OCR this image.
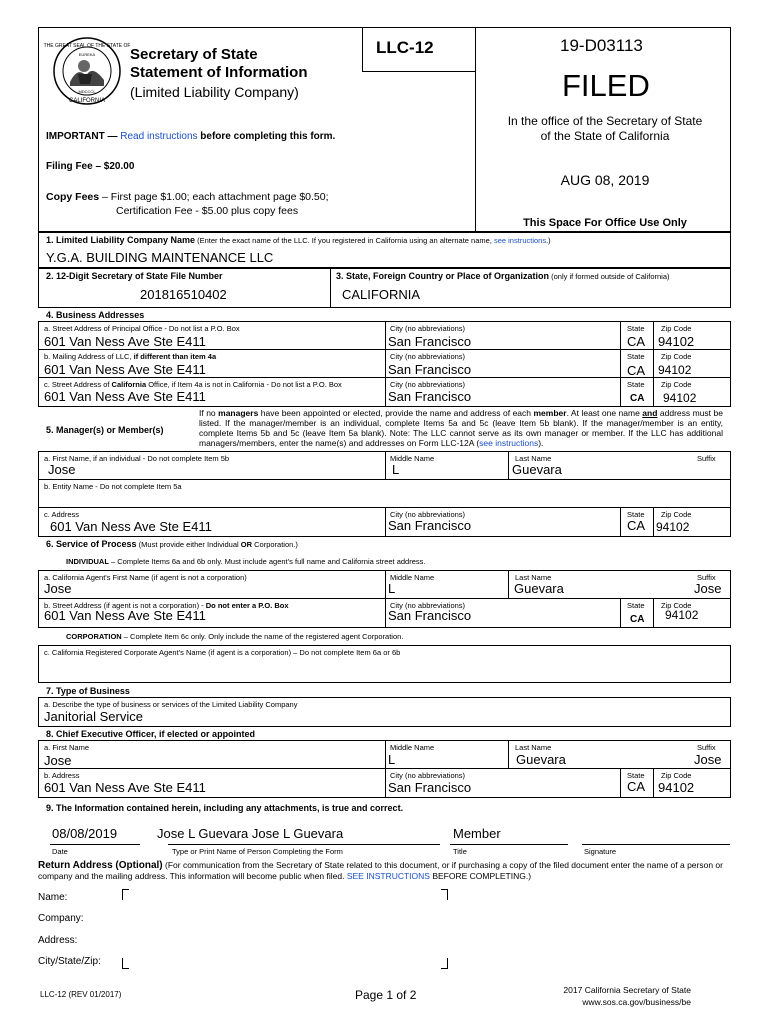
THE GREAT SEAL OF THE STATE OF
CALIFORNIA
MDCCCL
EUREKA Secretary of State
Statement of Information
(Limited Liability Company)
LLC-12
IMPORTANT — Read instructions before completing this form.
Filing Fee – $20.00
Copy Fees – First page $1.00; each attachment page $0.50;
Certification Fee - $5.00 plus copy fees
19-D03113
FILED
In the office of the Secretary of State
of the State of California
AUG 08, 2019
This Space For Office Use Only
1. Limited Liability Company Name (Enter the exact name of the LLC. If you registered in California using an alternate name, see instructions.)
Y.G.A. BUILDING MAINTENANCE LLC
2. 12-Digit Secretary of State File Number
201816510402
3. State, Foreign Country or Place of Organization (only if formed outside of California)
CALIFORNIA
4. Business Addresses
a. Street Address of Principal Office - Do not list a P.O. Box	City (no abbreviations)	State Zip Code
601 Van Ness Ave Ste E411	San Francisco	CA 94102
b. Mailing Address of LLC, if different than item 4a	City (no abbreviations)	State Zip Code
601 Van Ness Ave Ste E411	San Francisco	CA 94102
c. Street Address of California Office, if Item 4a is not in California - Do not list a P.O. Box	City (no abbreviations)	State Zip Code
601 Van Ness Ave Ste E411	San Francisco	CA 94102
5. Manager(s) or Member(s)
If no managers have been appointed or elected, provide the name and address of each member. At least one name and address must be listed. If the manager/member is an individual, complete Items 5a and 5c (leave Item 5b blank). If the manager/member is an entity, complete Items 5b and 5c (leave Item 5a blank). Note: The LLC cannot serve as its own manager or member. If the LLC has additional managers/members, enter the name(s) and addresses on Form LLC-12A (see instructions).
a. First Name, if an individual - Do not complete Item 5b	Middle Name	Last Name	Suffix
Jose	L	Guevara
b. Entity Name - Do not complete Item 5a
c. Address	City (no abbreviations)	State Zip Code
601 Van Ness Ave Ste E411	San Francisco	CA 94102
6. Service of Process (Must provide either Individual OR Corporation.)
INDIVIDUAL – Complete Items 6a and 6b only. Must include agent’s full name and California street address.
a. California Agent's First Name (if agent is not a corporation)	Middle Name	Last Name	Suffix
Jose	L	Guevara	Jose
b. Street Address (if agent is not a corporation) - Do not enter a P.O. Box	City (no abbreviations)	State Zip Code
601 Van Ness Ave Ste E411	San Francisco	CA 94102
CORPORATION – Complete Item 6c only. Only include the name of the registered agent Corporation.
c. California Registered Corporate Agent’s Name (if agent is a corporation) – Do not complete Item 6a or 6b
7. Type of Business
a. Describe the type of business or services of the Limited Liability Company
Janitorial Service
8. Chief Executive Officer, if elected or appointed
a. First Name	Middle Name	Last Name	Suffix
Jose	L	Guevara	Jose
b. Address	City (no abbreviations)	State Zip Code
601 Van Ness Ave Ste E411	San Francisco	CA 94102
9. The Information contained herein, including any attachments, is true and correct.
08/08/2019	Jose L Guevara Jose L Guevara	Member
Date	Type or Print Name of Person Completing the Form	Title	Signature
Return Address (Optional) (For communication from the Secretary of State related to this document, or if purchasing a copy of the filed document enter the name of a person or company and the mailing address. This information will become public when filed. SEE INSTRUCTIONS BEFORE COMPLETING.)
Name:
Company:
Address:
City/State/Zip:
LLC-12 (REV 01/2017)	Page 1 of 2	2017 California Secretary of State
www.sos.ca.gov/business/be
